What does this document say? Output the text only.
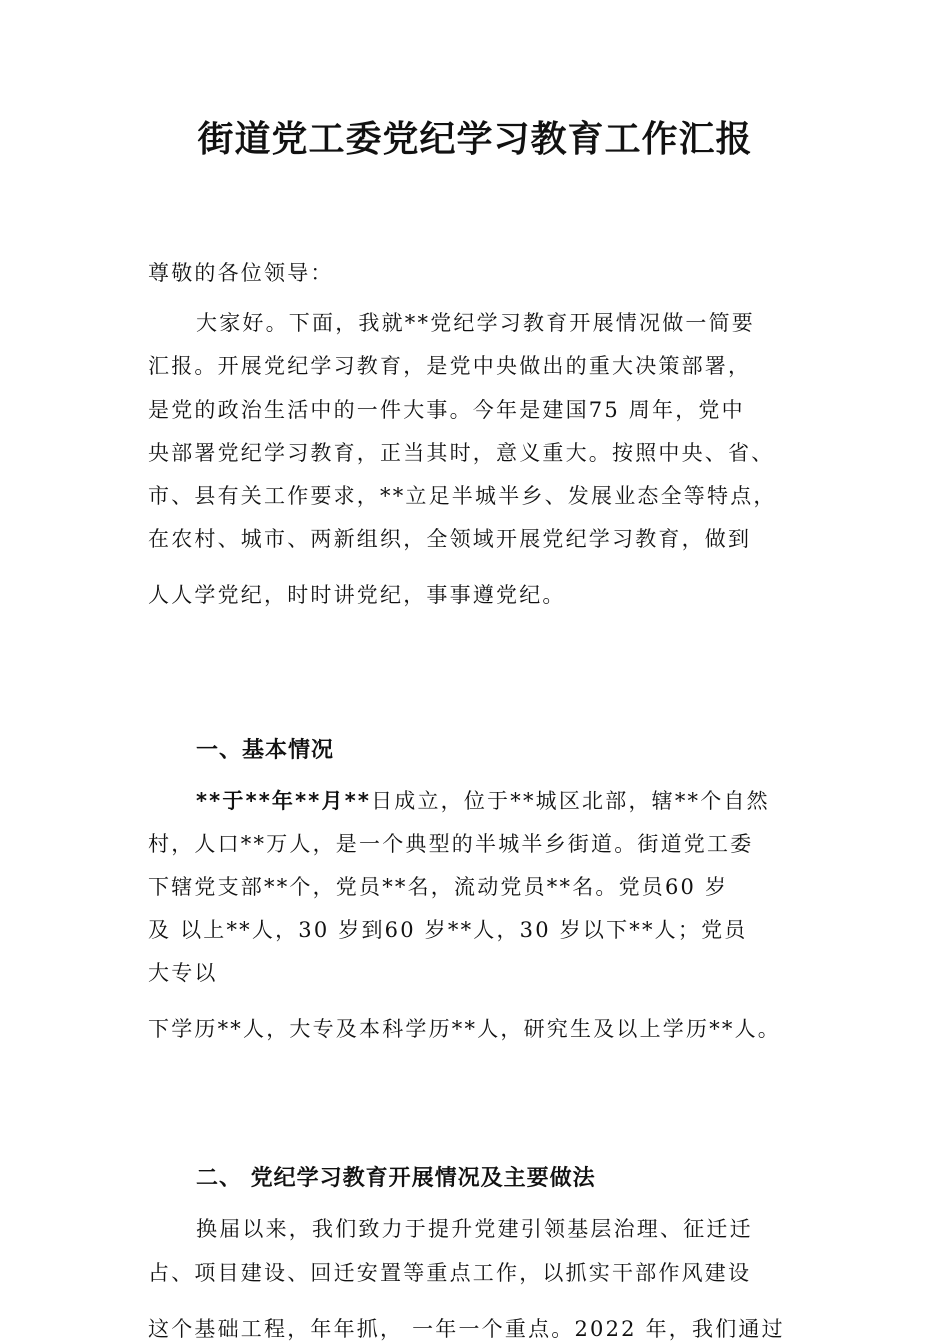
街道党工委党纪学习教育工作汇报
尊敬的各位领导：
大家好。下面，我就**党纪学习教育开展情况做一简要
汇报。开展党纪学习教育，是党中央做出的重大决策部署，
是党的政治生活中的一件大事。今年是建国75 周年，党中
央部署党纪学习教育，正当其时，意义重大。按照中央、省、
市、县有关工作要求，**立足半城半乡、发展业态全等特点，
在农村、城市、两新组织，全领域开展党纪学习教育，做到
人人学党纪，时时讲党纪，事事遵党纪。
一、基本情况
**于**年**月**日成立，位于**城区北部，辖**个自然
村，人口**万人，是一个典型的半城半乡街道。街道党工委
下辖党支部**个，党员**名，流动党员**名。党员60 岁
及 以上**人，30 岁到60 岁**人，30 岁以下**人；党员
大专以
下学历**人，大专及本科学历**人，研究生及以上学历**人。
二、 党纪学习教育开展情况及主要做法
换届以来，我们致力于提升党建引领基层治理、征迁迁
占、项目建设、回迁安置等重点工作，以抓实干部作风建设
这个基础工程，年年抓， 一年一个重点。2022 年，我们通过
